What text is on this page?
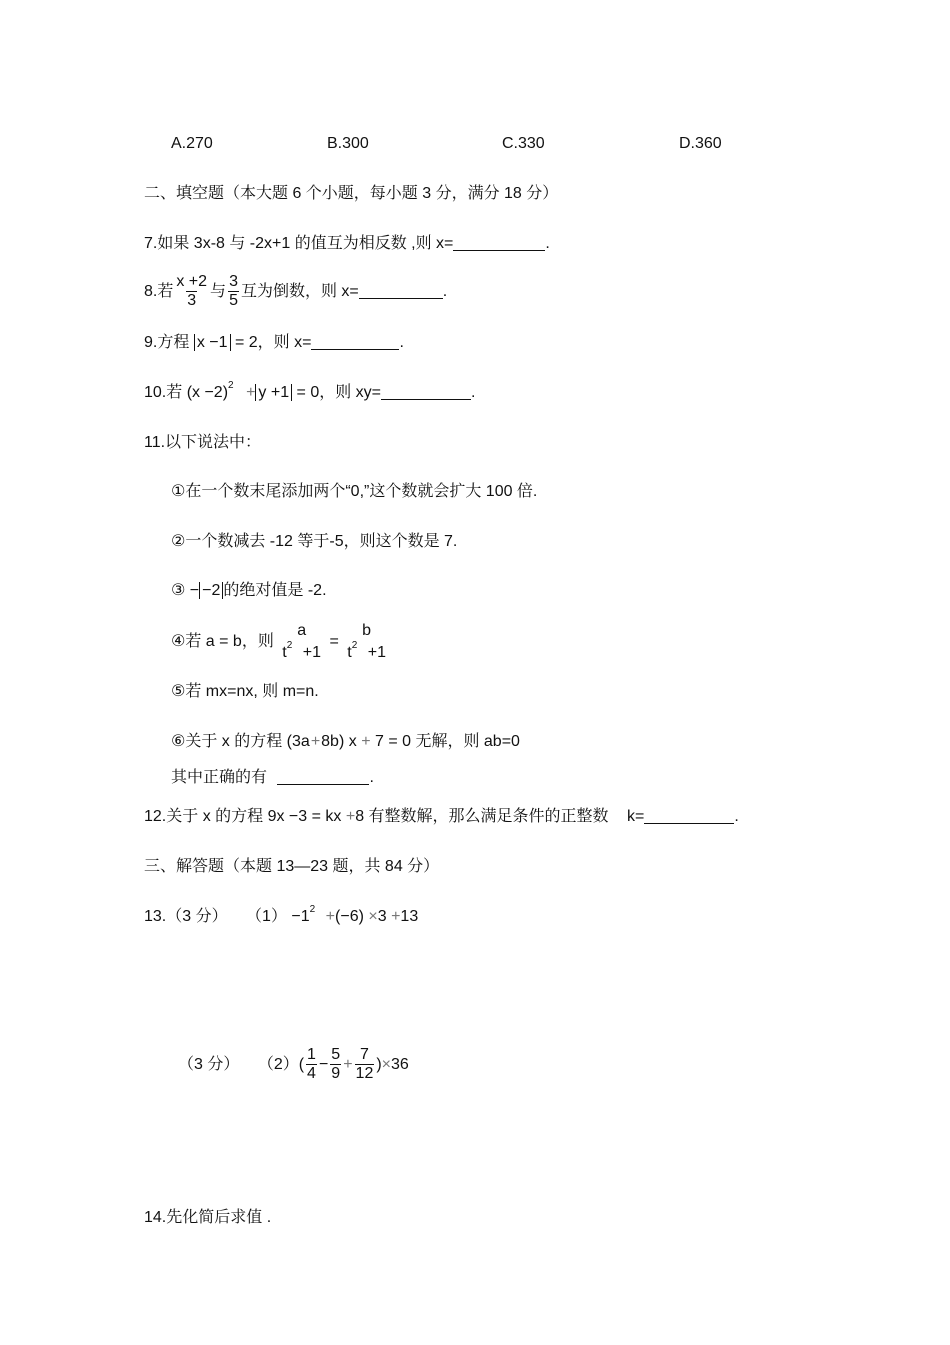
A.270	B.300	C.330	D.360
二、填空题（本大题 6 个小题，每小题 3 分，满分 18 分）
7.如果 3x-8 与 -2x+1 的值互为相反数 ,则 x=	.
8.若 $\frac{x +2}{3}$ 与 $\frac{3}{5}$ 互为倒数，则 x=	.
9.方程 x −1 = 2，则 x=	.
10.若 $(x -2)^2 + y +1 = 0$，则 xy=	.
11.以下说法中：
①在一个数末尾添加两个“0,”这个数就会扩大 100 倍.
②一个数减去 -12 等于-5，则这个数是 7.
③ − −2 的绝对值是 -2.
④若 a = b，则
a
$t^2 +1$
=
b
$t^2 +1$
⑤若 mx=nx, 则 m=n.
⑥关于 x 的方程 (3a+8b) x + 7 = 0 无解，则 ab=0
其中正确的有	.
12.关于 x 的方程 9x −3 = kx +8 有整数解，那么满足条件的正整数 k=	.
三、解答题（本题 13—23 题，共 84 分）
13.（3 分） $(1) -1^2 +(-6) \times 3 +13$
（3 分） $(2)( \frac{1}{4} - \frac{5}{9} + \frac{7}{12} )\times 36$
14.先化简后求值 .
